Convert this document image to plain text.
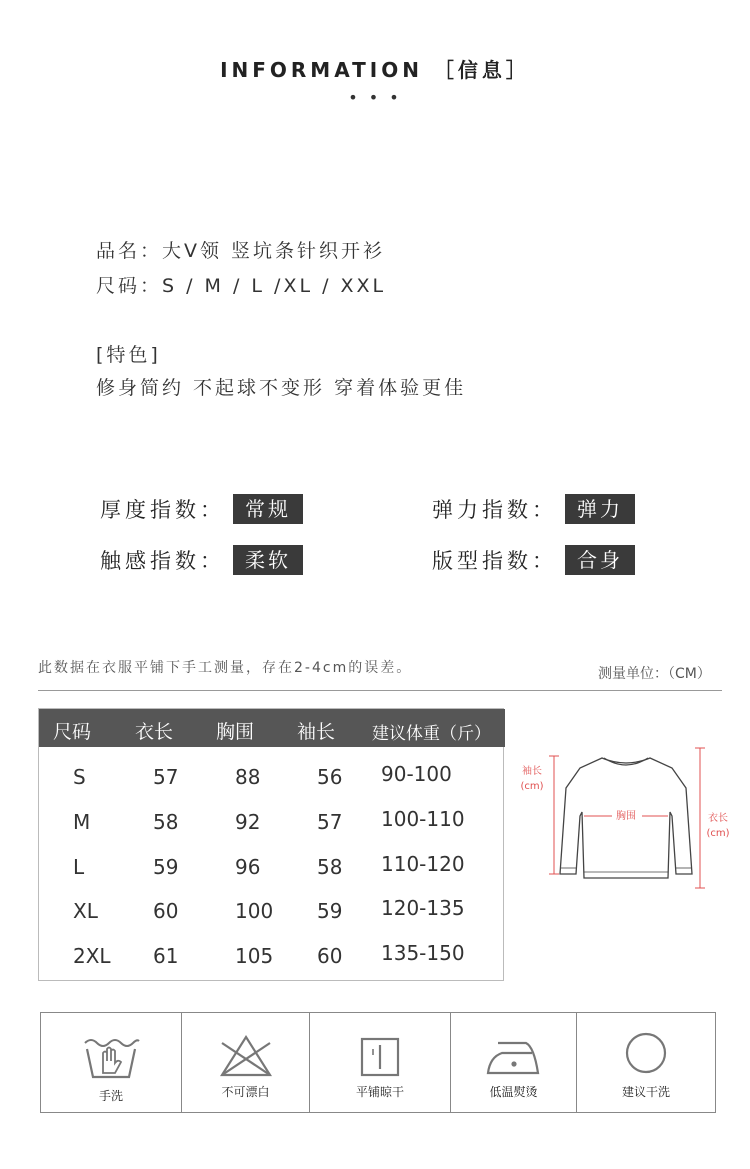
INFORMATION ［信息］
• • •
品名：大V领 竖坑条针织开衫
尺码：S / M / L /XL / XXL
[特色]
修身简约 不起球不变形 穿着体验更佳
厚度指数：	常规	弹力指数：	弹力
触感指数：	柔软	版型指数：	合身
此数据在衣服平铺下手工测量，存在2-4cm的误差。	测量单位：（CM）
尺码 衣长 胸围 袖长 建议体重（斤）
S	57	88	56 90-100
M	58	92	57 100-110
L	59	96	58 110-120
XL	60	100 59 120-135
2XL 61	105 60 135-150
袖长
(cm)
胸围	衣长
(cm)
手洗	不可漂白	平铺晾干	低温熨烫	建议干洗
